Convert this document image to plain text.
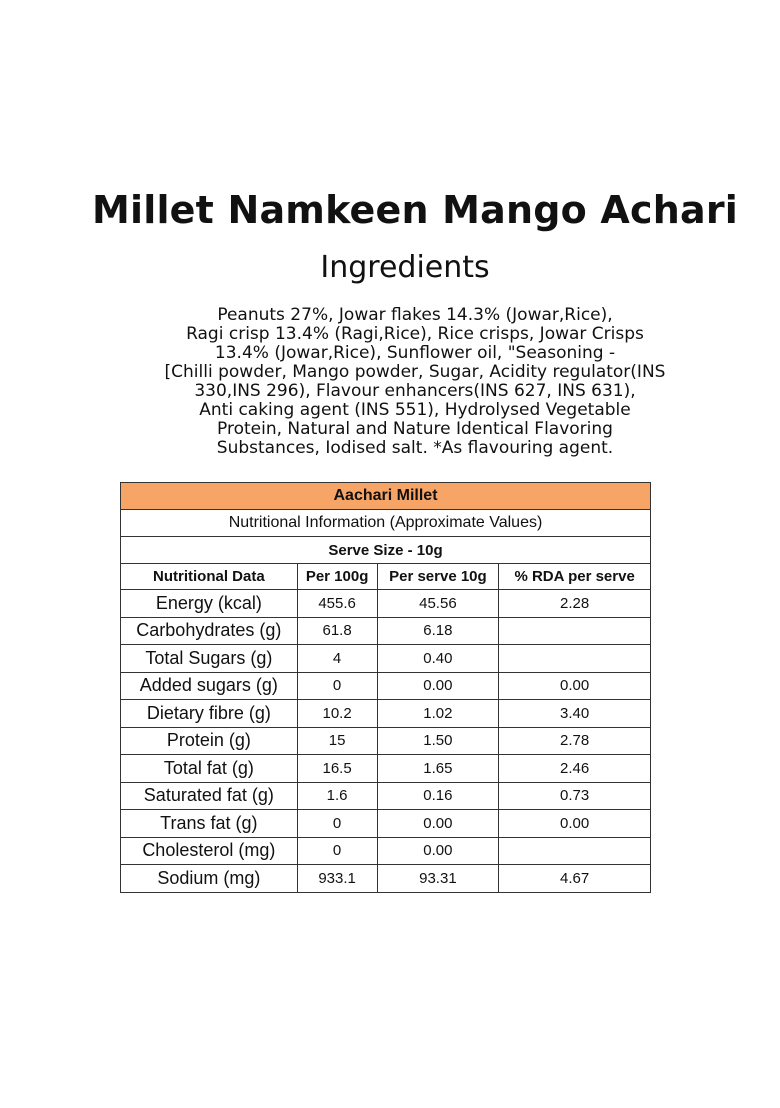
Millet Namkeen Mango Achari
Ingredients
Peanuts 27%, Jowar flakes 14.3% (Jowar,Rice),
Ragi crisp 13.4% (Ragi,Rice), Rice crisps, Jowar Crisps
13.4% (Jowar,Rice), Sunflower oil, "Seasoning -
[Chilli powder, Mango powder, Sugar, Acidity regulator(INS
330,INS 296), Flavour enhancers(INS 627, INS 631),
Anti caking agent (INS 551), Hydrolysed Vegetable
Protein, Natural and Nature Identical Flavoring
Substances, Iodised salt. *As flavouring agent.
Aachari Millet			
Nutritional Information (Approximate Values)			
Serve Size - 10g			
Nutritional Data	Per 100g	Per serve 10g	% RDA per serve
Energy (kcal)	455.6	45.56	2.28
Carbohydrates (g)	61.8	6.18	
Total Sugars (g)	4	0.40	
Added sugars (g)	0	0.00	0.00
Dietary fibre (g)	10.2	1.02	3.40
Protein (g)	15	1.50	2.78
Total fat (g)	16.5	1.65	2.46
Saturated fat (g)	1.6	0.16	0.73
Trans fat (g)	0	0.00	0.00
Cholesterol (mg)	0	0.00	
Sodium (mg)	933.1	93.31	4.67
